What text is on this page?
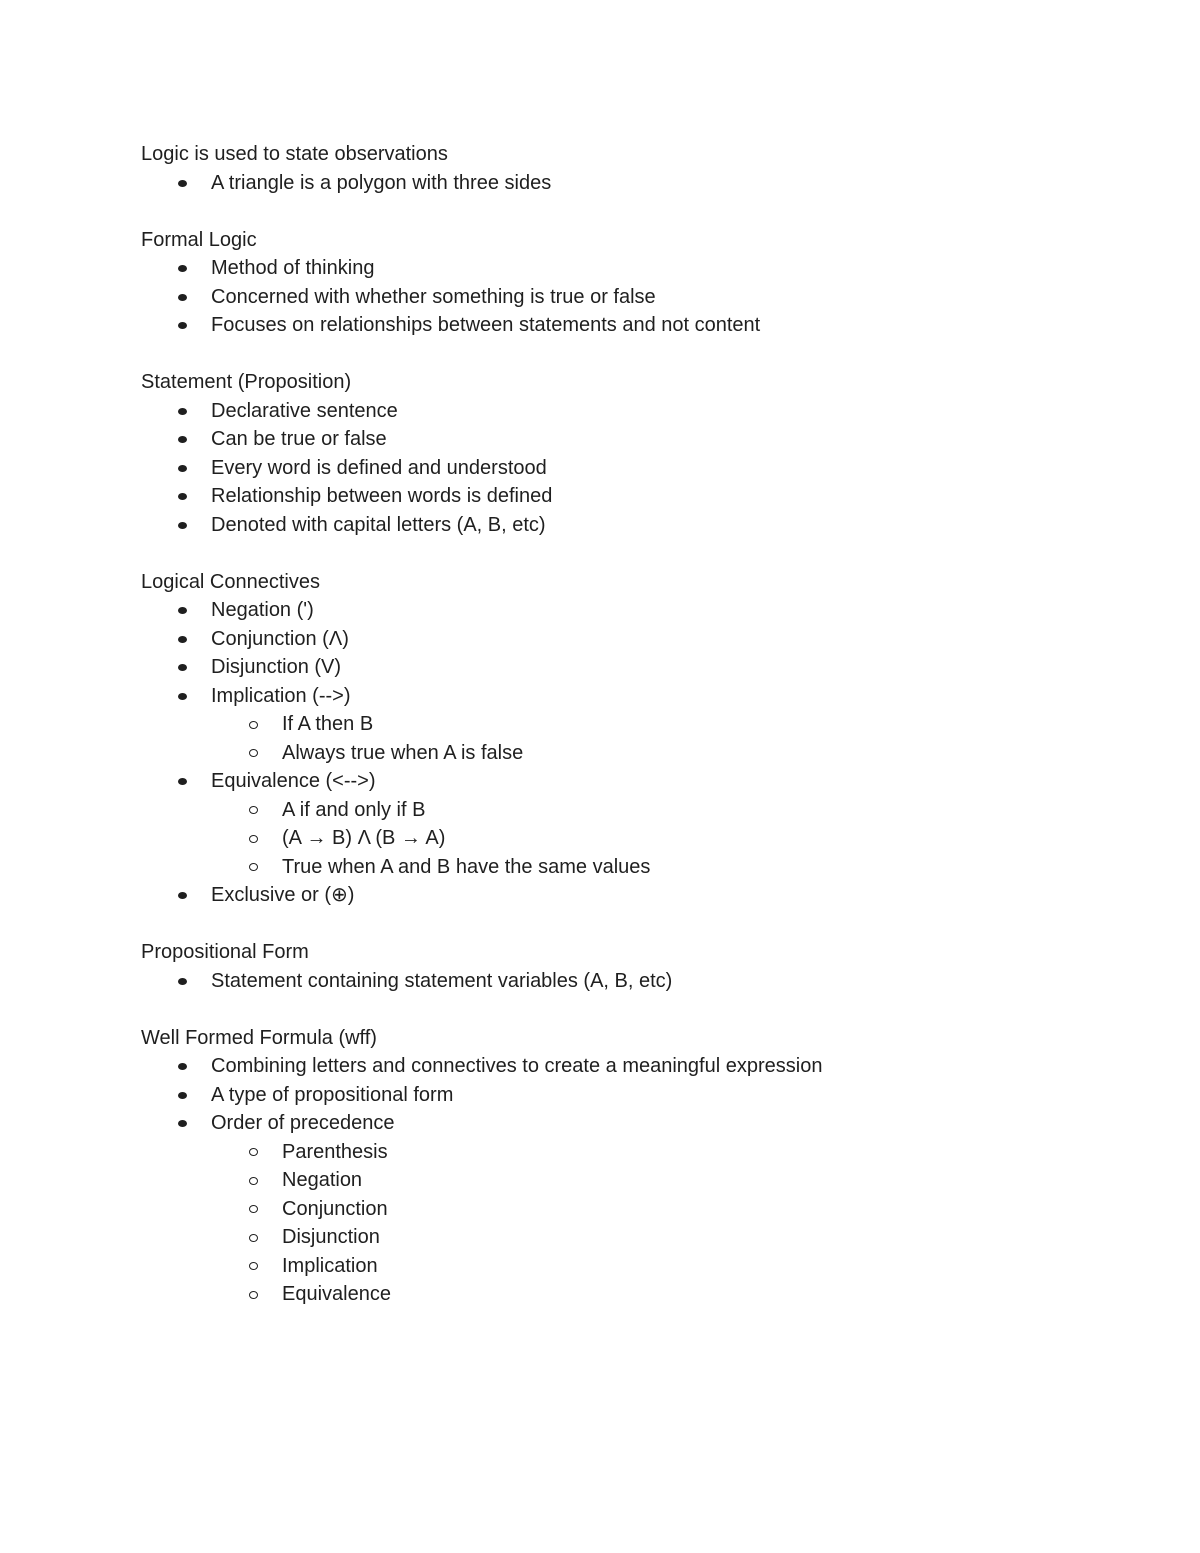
Logic is used to state observations
A triangle is a polygon with three sides
Formal Logic
Method of thinking
Concerned with whether something is true or false
Focuses on relationships between statements and not content
Statement (Proposition)
Declarative sentence
Can be true or false
Every word is defined and understood
Relationship between words is defined
Denoted with capital letters (A, B, etc)
Logical Connectives
Negation (')
Conjunction (Λ)
Disjunction (V)
Implication (-->)
If A then B
Always true when A is false
Equivalence (<-->)
A if and only if B
(A → B) Λ (B → A)
True when A and B have the same values
Exclusive or (⊕)
Propositional Form
Statement containing statement variables (A, B, etc)
Well Formed Formula (wff)
Combining letters and connectives to create a meaningful expression
A type of propositional form
Order of precedence
Parenthesis
Negation
Conjunction
Disjunction
Implication
Equivalence
